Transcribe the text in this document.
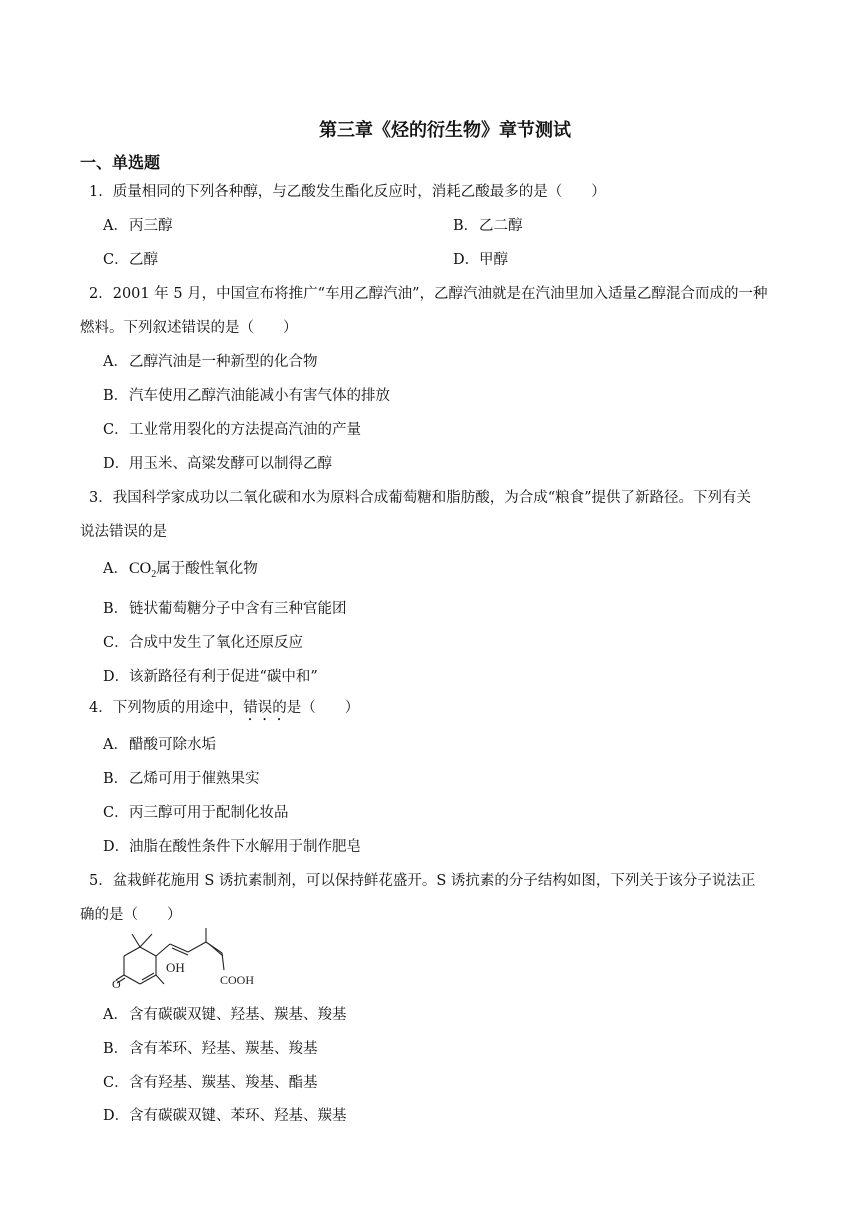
第三章《烃的衍生物》章节测试
一、单选题
1．质量相同的下列各种醇，与乙酸发生酯化反应时，消耗乙酸最多的是（　　）
A．丙三醇	B．乙二醇
C．乙醇	D．甲醇
2．2001 年 5 月，中国宣布将推广“车用乙醇汽油”，乙醇汽油就是在汽油里加入适量乙醇混合而成的一种
燃料。下列叙述错误的是（　　）
A．乙醇汽油是一种新型的化合物
B．汽车使用乙醇汽油能减小有害气体的排放
C．工业常用裂化的方法提高汽油的产量
D．用玉米、高粱发酵可以制得乙醇
3．我国科学家成功以二氧化碳和水为原料合成葡萄糖和脂肪酸，为合成“粮食”提供了新路径。下列有关
说法错误的是
A．$CO_2$属于酸性氧化物
B．链状葡萄糖分子中含有三种官能团
C．合成中发生了氧化还原反应
D．该新路径有利于促进“碳中和”
4．下列物质的用途中，错误的是（　　）
A．醋酸可除水垢
B．乙烯可用于催熟果实
C．丙三醇可用于配制化妆品
D．油脂在酸性条件下水解用于制作肥皂
5．盆栽鲜花施用 S 诱抗素制剂，可以保持鲜花盛开。S 诱抗素的分子结构如图，下列关于该分子说法正
确的是（　　）
O
OH
COOH
A．含有碳碳双键、羟基、羰基、羧基
B．含有苯环、羟基、羰基、羧基
C．含有羟基、羰基、羧基、酯基
D．含有碳碳双键、苯环、羟基、羰基
